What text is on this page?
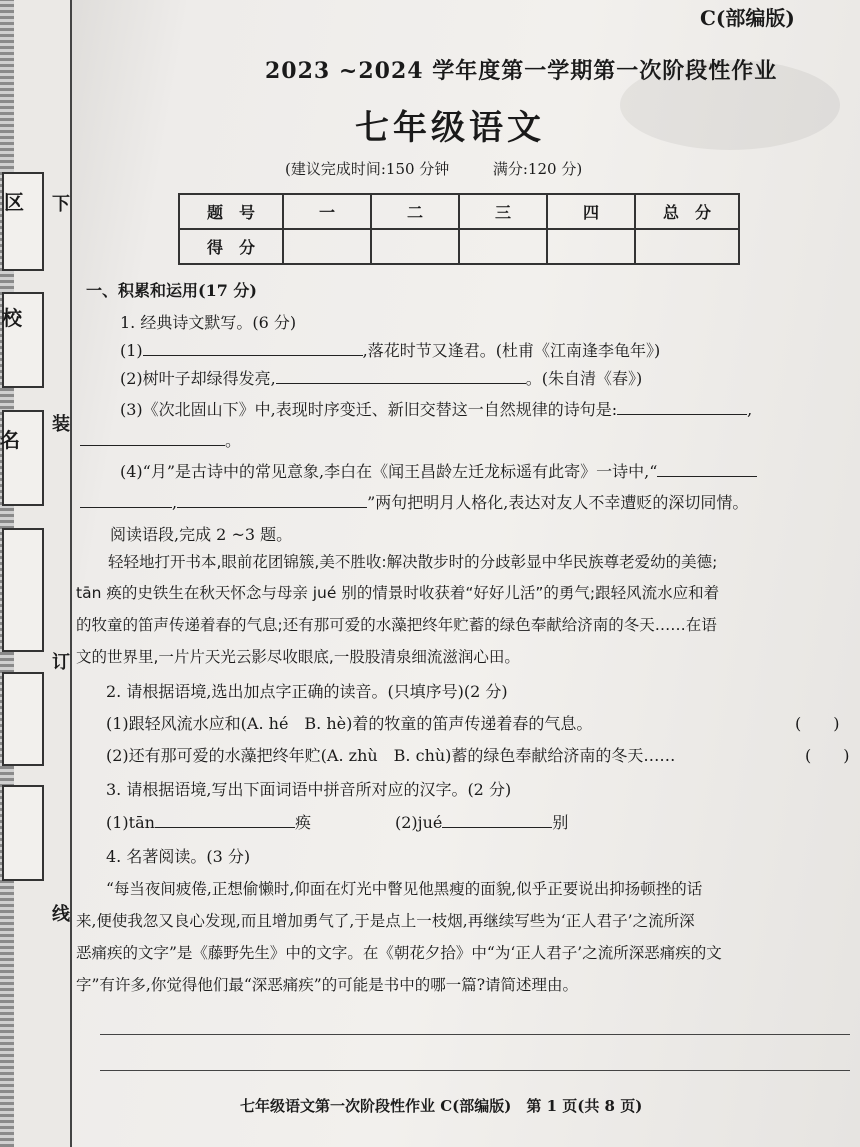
区
校
名
下
装
订
线
C(部编版)
2023 ~2024 学年度第一学期第一次阶段性作业
七年级语文
(建议完成时间:150 分钟	满分:120 分)
题　号	一	二	三	四	总　分
得　分					
一、积累和运用(17 分)
1. 经典诗文默写。(6 分)
(1)	,落花时节又逢君。(杜甫《江南逢李龟年》)
(2)树叶子却绿得发亮,	。(朱自清《春》)
(3)《次北固山下》中,表现时序变迁、新旧交替这一自然规律的诗句是:	,
。
(4)“月”是古诗中的常见意象,李白在《闻王昌龄左迁龙标遥有此寄》一诗中,“
,	”两句把明月人格化,表达对友人不幸遭贬的深切同情。
阅读语段,完成 2 ~3 题。
轻轻地打开书本,眼前花团锦簇,美不胜收:解决散步时的分歧彰显中华民族尊老爱幼的美德;
tān 痪的史铁生在秋天怀念与母亲 jué 别的情景时收获着“好好儿活”的勇气;跟轻风流水应和着
的牧童的笛声传递着春的气息;还有那可爱的水藻把终年贮蓄的绿色奉献给济南的冬天……在语
文的世界里,一片片天光云影尽收眼底,一股股清泉细流滋润心田。
2. 请根据语境,选出加点字正确的读音。(只填序号)(2 分)
(1)跟轻风流水应和(A. hé　B. hè)着的牧童的笛声传递着春的气息。	(　　)
(2)还有那可爱的水藻把终年贮(A. zhù　B. chù)蓄的绿色奉献给济南的冬天……	(　　)
3. 请根据语境,写出下面词语中拼音所对应的汉字。(2 分)
(1)tān	痪	(2)jué	别
4. 名著阅读。(3 分)
“每当夜间疲倦,正想偷懒时,仰面在灯光中瞥见他黑瘦的面貌,似乎正要说出抑扬顿挫的话
来,便使我忽又良心发现,而且增加勇气了,于是点上一枝烟,再继续写些为‘正人君子’之流所深
恶痛疾的文字”是《藤野先生》中的文字。在《朝花夕拾》中“为‘正人君子’之流所深恶痛疾的文
字”有许多,你觉得他们最“深恶痛疾”的可能是书中的哪一篇?请简述理由。
七年级语文第一次阶段性作业 C(部编版)　第 1 页(共 8 页)
